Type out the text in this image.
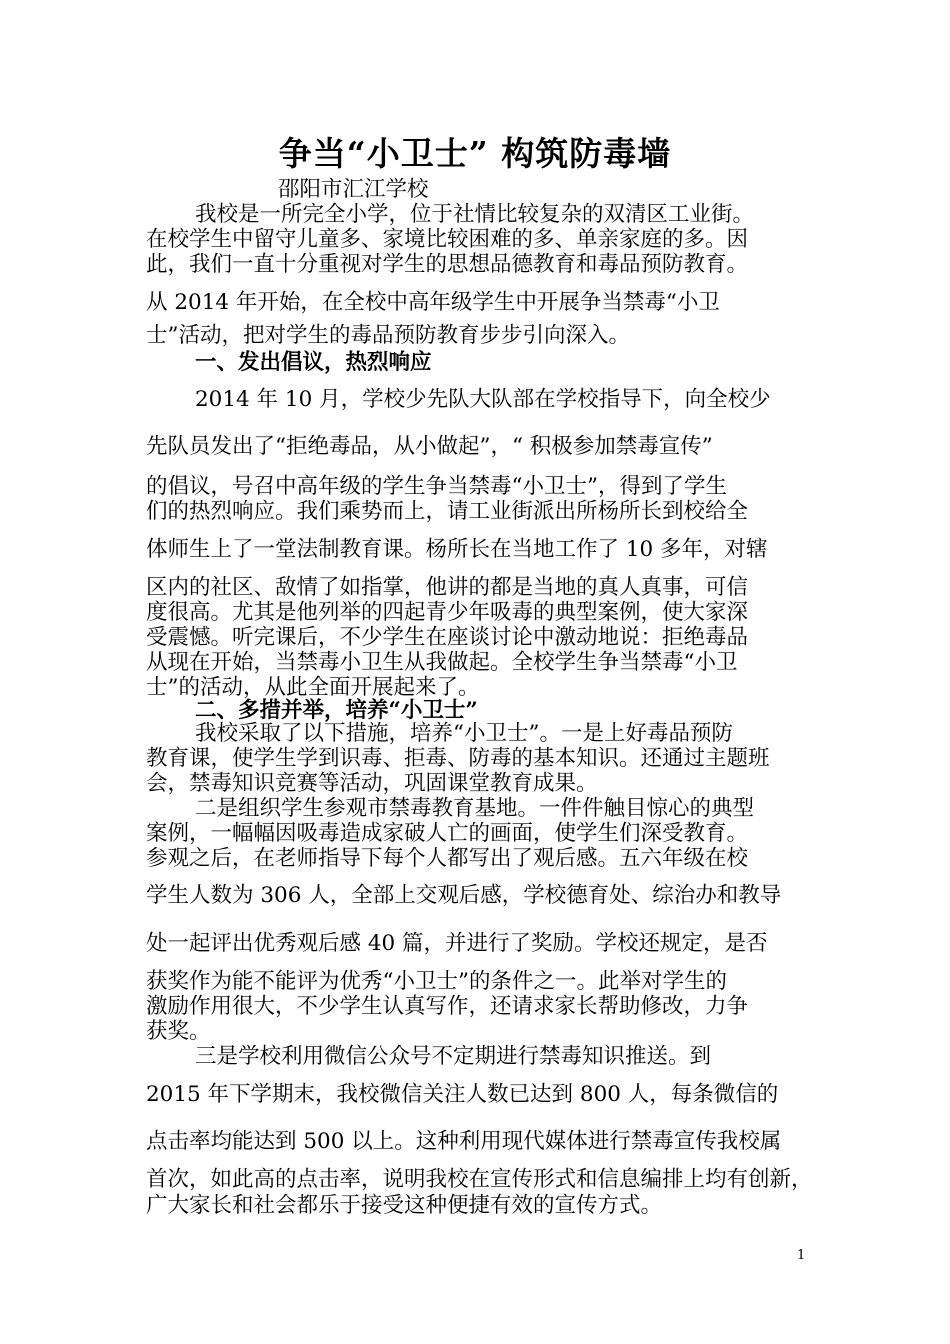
争当“小卫士” 构筑防毒墙
邵阳市汇江学校
我校是一所完全小学，位于社情比较复杂的双清区工业街。
在校学生中留守儿童多、家境比较困难的多、单亲家庭的多。因
此，我们一直十分重视对学生的思想品德教育和毒品预防教育。
从 2014 年开始，在全校中高年级学生中开展争当禁毒“小卫
士”活动，把对学生的毒品预防教育步步引向深入。
一、发出倡议，热烈响应
2014 年 10 月，学校少先队大队部在学校指导下，向全校少
先队员发出了“拒绝毒品，从小做起”，“ 积极参加禁毒宣传”
的倡议，号召中高年级的学生争当禁毒“小卫士”，得到了学生
们的热烈响应。我们乘势而上，请工业街派出所杨所长到校给全
体师生上了一堂法制教育课。杨所长在当地工作了 10 多年，对辖
区内的社区、敌情了如指掌，他讲的都是当地的真人真事，可信
度很高。尤其是他列举的四起青少年吸毒的典型案例，使大家深
受震憾。听完课后，不少学生在座谈讨论中激动地说：拒绝毒品
从现在开始，当禁毒小卫生从我做起。全校学生争当禁毒“小卫
士”的活动，从此全面开展起来了。
二、多措并举，培养“小卫士”
我校采取了以下措施，培养“小卫士”。一是上好毒品预防
教育课，使学生学到识毒、拒毒、防毒的基本知识。还通过主题班
会，禁毒知识竞赛等活动，巩固课堂教育成果。
二是组织学生参观市禁毒教育基地。一件件触目惊心的典型
案例，一幅幅因吸毒造成家破人亡的画面，使学生们深受教育。
参观之后，在老师指导下每个人都写出了观后感。五六年级在校
学生人数为 306 人，全部上交观后感，学校德育处、综治办和教导
处一起评出优秀观后感 40 篇，并进行了奖励。学校还规定，是否
获奖作为能不能评为优秀“小卫士”的条件之一。此举对学生的
激励作用很大，不少学生认真写作，还请求家长帮助修改，力争
获奖。
三是学校利用微信公众号不定期进行禁毒知识推送。到
2015 年下学期末，我校微信关注人数已达到 800 人，每条微信的
点击率均能达到 500 以上。这种利用现代媒体进行禁毒宣传我校属
首次，如此高的点击率，说明我校在宣传形式和信息编排上均有创新，
广大家长和社会都乐于接受这种便捷有效的宣传方式。
1
